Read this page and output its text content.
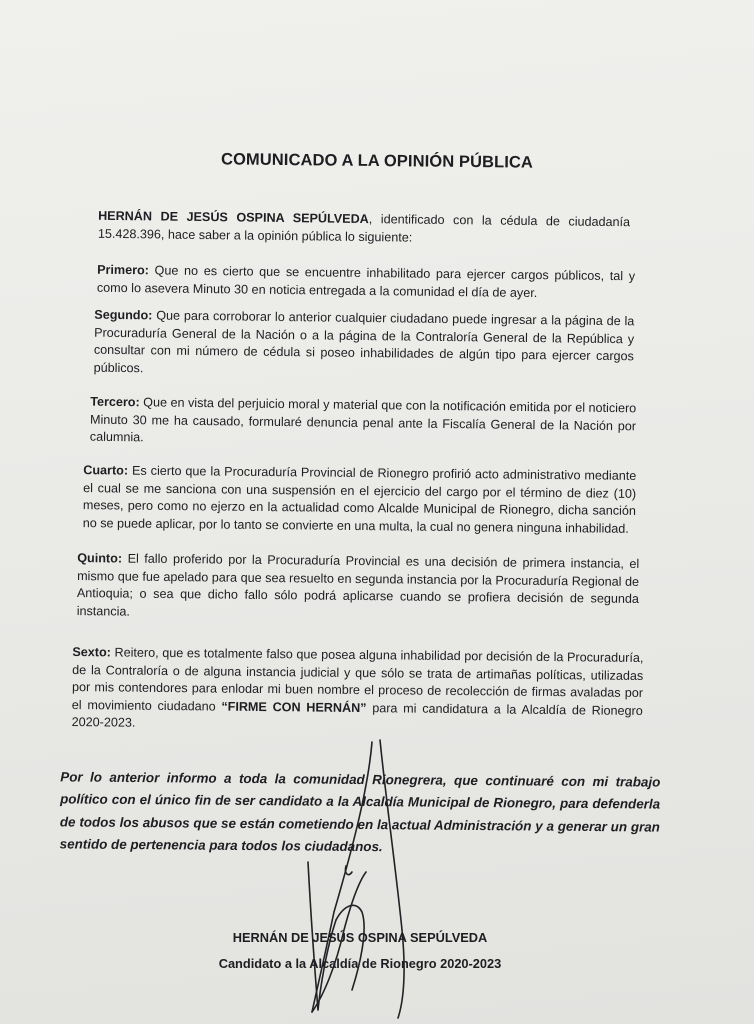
COMUNICADO A LA OPINIÓN PÚBLICA
HERNÁN DE JESÚS OSPINA SEPÚLVEDA, identificado con la cédula de ciudadanía 15.428.396, hace saber a la opinión pública lo siguiente:
Primero: Que no es cierto que se encuentre inhabilitado para ejercer cargos públicos, tal y como lo asevera Minuto 30 en noticia entregada a la comunidad el día de ayer.
Segundo: Que para corroborar lo anterior cualquier ciudadano puede ingresar a la página de la Procuraduría General de la Nación o a la página de la Contraloría General de la República y consultar con mi número de cédula si poseo inhabilidades de algún tipo para ejercer cargos públicos.
Tercero: Que en vista del perjuicio moral y material que con la notificación emitida por el noticiero Minuto 30 me ha causado, formularé denuncia penal ante la Fiscalía General de la Nación por calumnia.
Cuarto: Es cierto que la Procuraduría Provincial de Rionegro profirió acto administrativo mediante el cual se me sanciona con una suspensión en el ejercicio del cargo por el término de diez (10) meses, pero como no ejerzo en la actualidad como Alcalde Municipal de Rionegro, dicha sanción no se puede aplicar, por lo tanto se convierte en una multa, la cual no genera ninguna inhabilidad.
Quinto: El fallo proferido por la Procuraduría Provincial es una decisión de primera instancia, el mismo que fue apelado para que sea resuelto en segunda instancia por la Procuraduría Regional de Antioquia; o sea que dicho fallo sólo podrá aplicarse cuando se profiera decisión de segunda instancia.
Sexto: Reitero, que es totalmente falso que posea alguna inhabilidad por decisión de la Procuraduría, de la Contraloría o de alguna instancia judicial y que sólo se trata de artimañas políticas, utilizadas por mis contendores para enlodar mi buen nombre el proceso de recolección de firmas avaladas por el movimiento ciudadano “FIRME CON HERNÁN” para mi candidatura a la Alcaldía de Rionegro 2020-2023.
Por lo anterior informo a toda la comunidad Rionegrera, que continuaré con mi trabajo político con el único fin de ser candidato a la Alcaldía Municipal de Rionegro, para defenderla de todos los abusos que se están cometiendo en la actual Administración y a generar un gran sentido de pertenencia para todos los ciudadanos.
HERNÁN DE JESÚS OSPINA SEPÚLVEDA
Candidato a la Alcaldía de Rionegro 2020-2023
